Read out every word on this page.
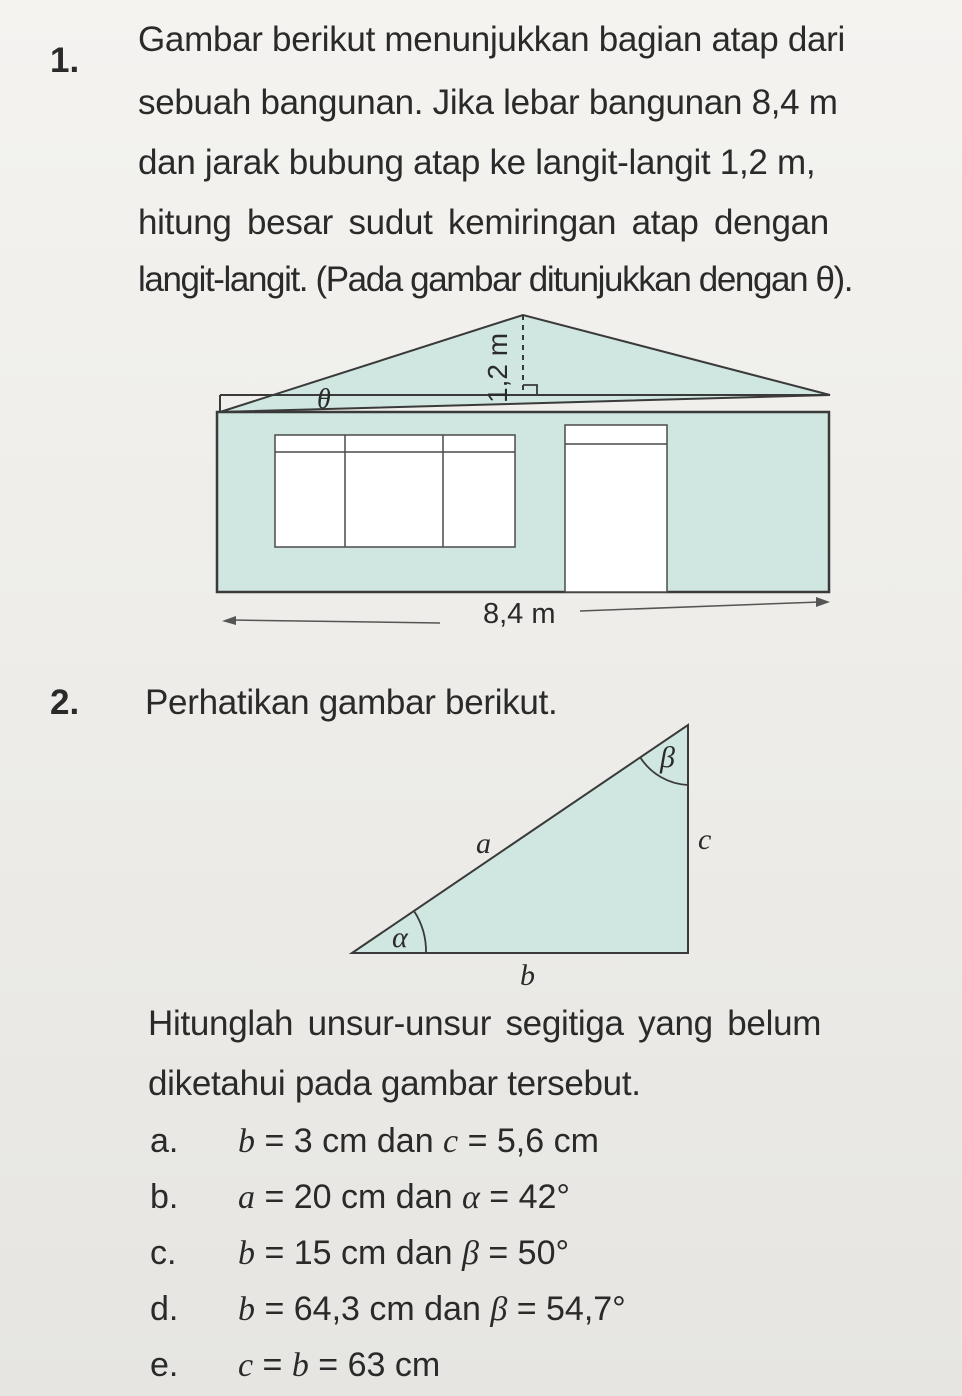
1.
Gambar berikut menunjukkan bagian atap dari
sebuah bangunan. Jika lebar bangunan 8,4 m
dan jarak bubung atap ke langit-langit 1,2 m,
hitung besar sudut kemiringan atap dengan
langit-langit. (Pada gambar ditunjukkan dengan θ).
θ	1,2 m
8,4 m
2. Perhatikan gambar berikut.
β
a	c
α
b
Hitunglah unsur-unsur segitiga yang belum
diketahui pada gambar tersebut.
a. b = 3 cm dan c = 5,6 cm
b. a = 20 cm dan α = 42°
c. b = 15 cm dan β = 50°
d. b = 64,3 cm dan β = 54,7°
e. c = b = 63 cm
